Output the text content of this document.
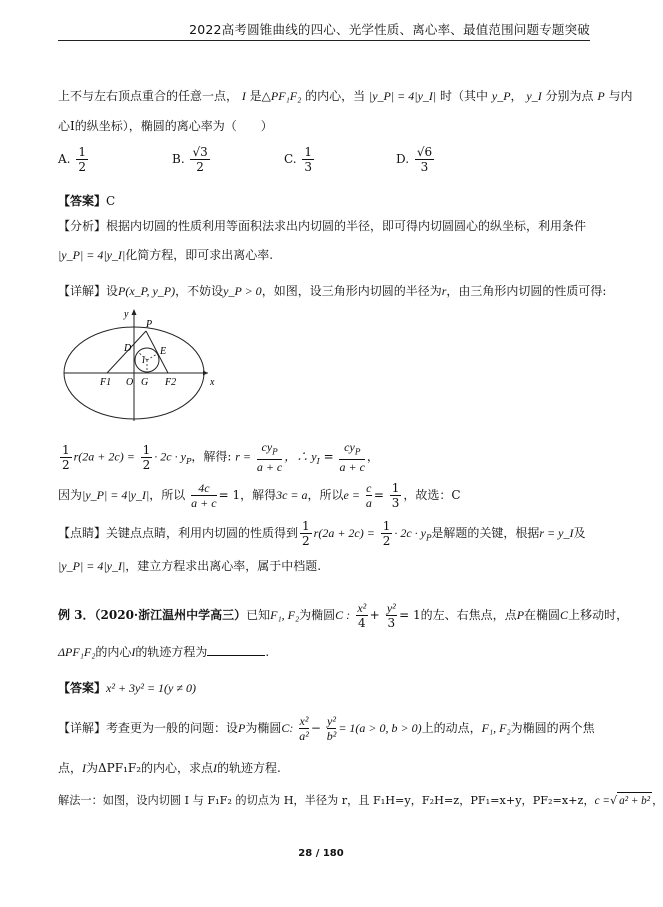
2022高考圆锥曲线的四心、光学性质、离心率、最值范围问题专题突破
上不与左右顶点重合的任意一点， I 是△PF₁F₂ 的内心，当 |y_P| = 4|y_I| 时（其中 y_P， y_I 分别为点 P 与内
心I的纵坐标），椭圆的离心率为（　　）
A. $\frac{1}{2}$	B. $\frac{√3}{2}$	C. $\frac{1}{3}$	D. $\frac{√6}{3}$
【答案】C
【分析】根据内切圆的性质利用等面积法求出内切圆的半径，即可得内切圆圆心的纵坐标，利用条件
|y_P| = 4|y_I|化简方程，即可求出离心率.
【详解】设P(x_P, y_P)，不妨设y_P > 0，如图，设三角形内切圆的半径为r，由三角形内切圆的性质可得:
y
x
P
D	E
I
F1 O G F2
$\frac{1}{2} r(2a + 2c) = \frac{1}{2} \cdot 2c \cdot y_P$，解得: $r = \frac{cy_P}{a + c}$ ，∴ $y_I = \frac{cy_P}{a + c}$ ，
因为|y_P| = 4|y_I|，所以 $\frac{4c}{a + c} = 1$，解得3c = a，所以$e = \frac{c}{a} = \frac{1}{3}$ ，故选：C
【点睛】关键点点睛，利用内切圆的性质得到 $\frac{1}{2} r(2a + 2c) = \frac{1}{2} \cdot 2c \cdot y_P$是解题的关键，根据r = y_I及
|y_P| = 4|y_I|，建立方程求出离心率，属于中档题.
例 3．（2020·浙江温州中学高三）已知F₁, F₂为椭圆C : $\frac{\text{x²}}{4} + \frac{\text{y²}}{3} = 1$的左、右焦点，点P在椭圆C上移动时，
ΔPF₁F₂的内心I的轨迹方程为	.
【答案】x² + 3y² = 1(y ≠ 0)
【详解】考查更为一般的问题：设P为椭圆C: $\frac{\text{x²}}{\text{a²}} - \frac{\text{y²}}{\text{b²}} = 1(a > 0$, b > 0)上的动点，F₁, F₂为椭圆的两个焦
点，I为ΔPF₁F₂的内心，求点I的轨迹方程.
解法一：如图，设内切圆 I 与 F₁F₂ 的切点为 H，半径为 r，且 F₁H=y，F₂H=z，PF₁=x+y，PF₂=x+z，c =√ a² + b² ，
28 / 180
